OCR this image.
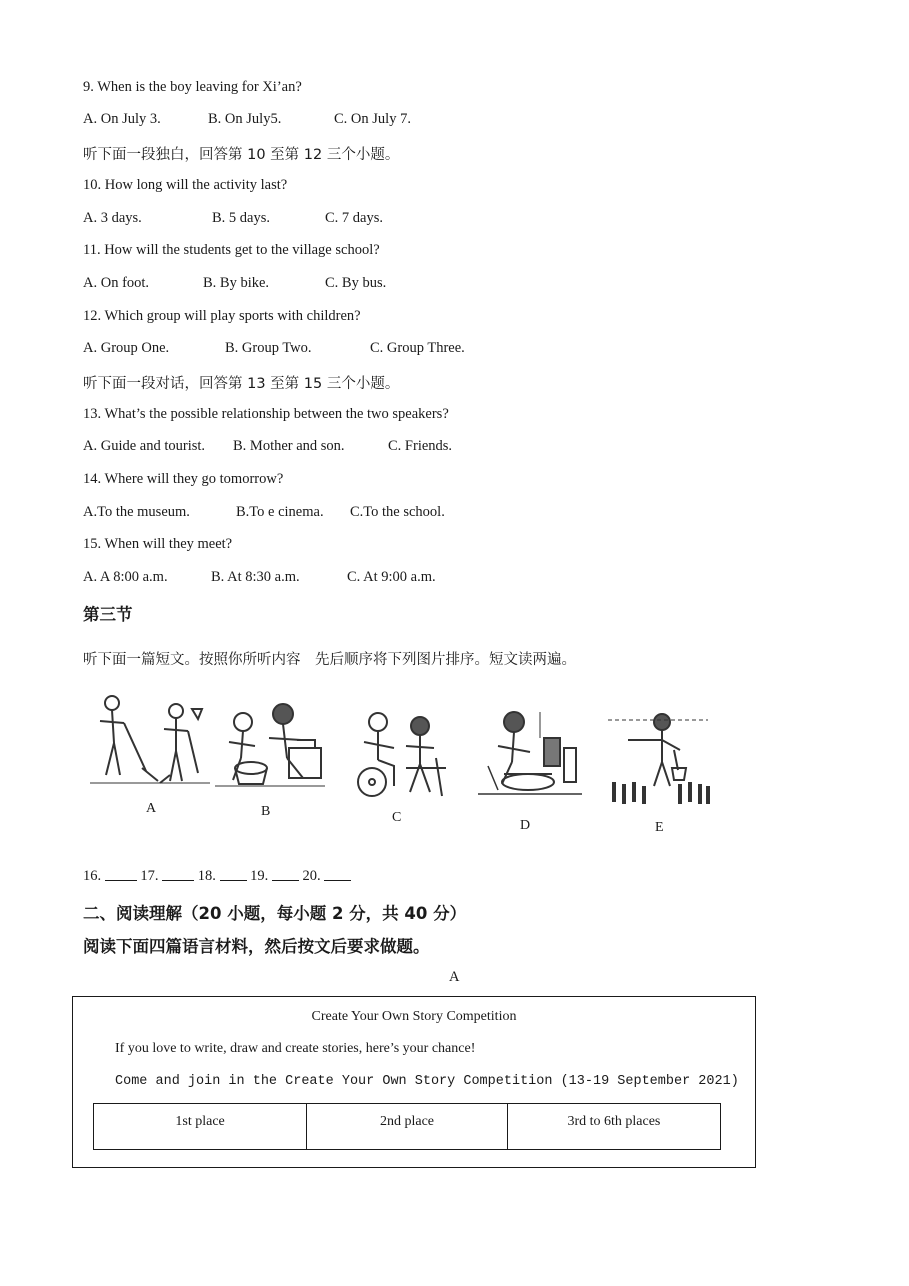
9. When is the boy leaving for Xi’an?
A. On July 3.	B. On July5.	C. On July 7.
听下面一段独白，回答第 10 至第 12 三个小题。
10. How long will the activity last?
A. 3 days.	B. 5 days.	C. 7 days.
11. How will the students get to the village school?
A. On foot.	B. By bike.	C. By bus.
12. Which group will play sports with children?
A. Group One.	B. Group Two.	C. Group Three.
听下面一段对话，回答第 13 至第 15 三个小题。
13. What’s the possible relationship between the two speakers?
A. Guide and tourist. B. Mother and son.	C. Friends.
14. Where will they go tomorrow?
A.To the museum.	B.To e cinema. C.To the school.
15. When will they meet?
A. A 8:00 a.m.	B. At 8:30 a.m.	C. At 9:00 a.m.
第三节
听下面一篇短文。按照你所听内容　先后顺序将下列图片排序。短文读两遍。
A	B	C
D	E
16.	17.	18. 19. 20.
二、阅读理解（20 小题，每小题 2 分，共 40 分）
阅读下面四篇语言材料，然后按文后要求做题。
A
Create Your Own Story Competition
If you love to write, draw and create stories, here’s your chance!
Come and join in the Create Your Own Story Competition (13-19 September 2021)
1st place	2nd place	3rd to 6th places
